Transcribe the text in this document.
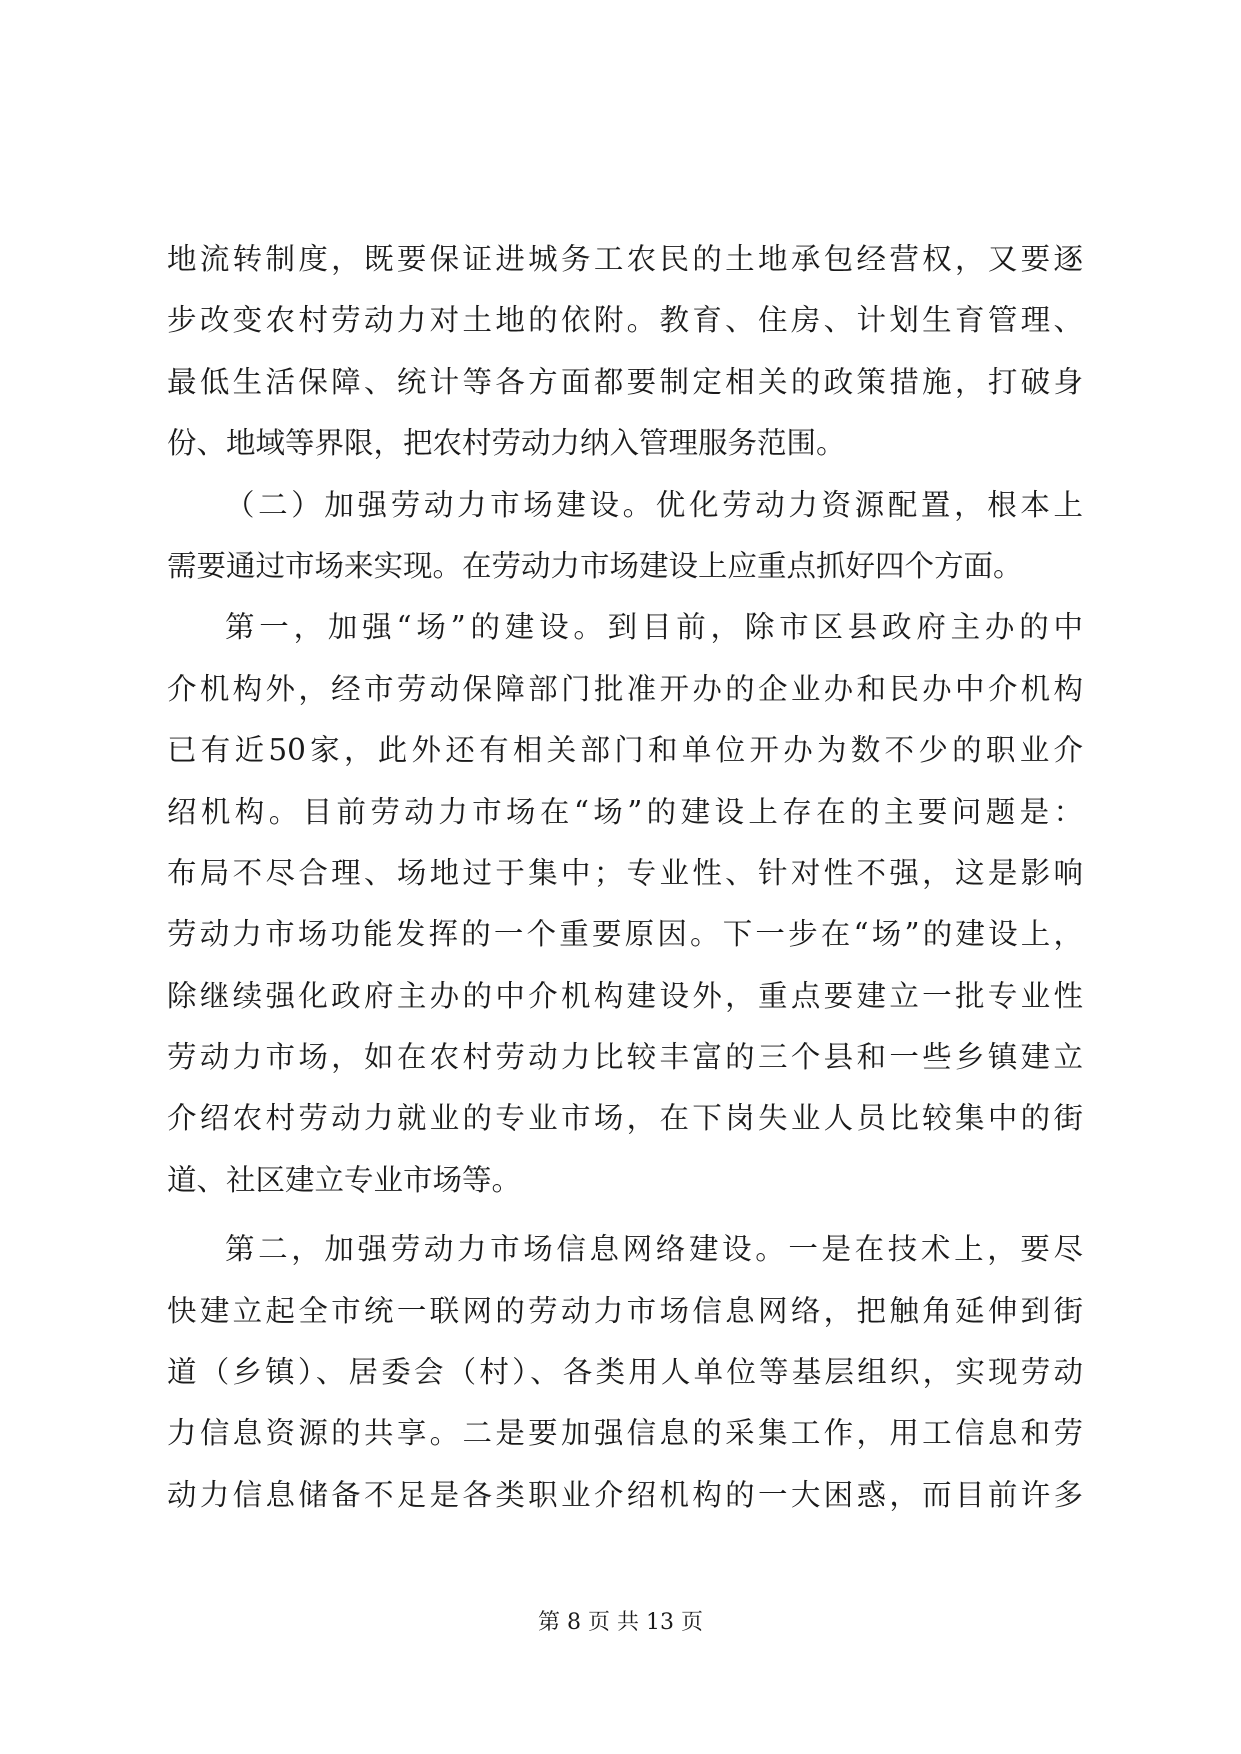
地流转制度，既要保证进城务工农民的土地承包经营权，又要逐
步改变农村劳动力对土地的依附。教育、住房、计划生育管理、
最低生活保障、统计等各方面都要制定相关的政策措施，打破身
份、地域等界限，把农村劳动力纳入管理服务范围。
（二）加强劳动力市场建设。优化劳动力资源配置，根本上
需要通过市场来实现。在劳动力市场建设上应重点抓好四个方面。
第一，加强“场”的建设。到目前，除市区县政府主办的中
介机构外，经市劳动保障部门批准开办的企业办和民办中介机构
已有近50家，此外还有相关部门和单位开办为数不少的职业介
绍机构。目前劳动力市场在“场”的建设上存在的主要问题是：
布局不尽合理、场地过于集中；专业性、针对性不强，这是影响
劳动力市场功能发挥的一个重要原因。下一步在“场”的建设上，
除继续强化政府主办的中介机构建设外，重点要建立一批专业性
劳动力市场，如在农村劳动力比较丰富的三个县和一些乡镇建立
介绍农村劳动力就业的专业市场，在下岗失业人员比较集中的街
道、社区建立专业市场等。
第二，加强劳动力市场信息网络建设。一是在技术上，要尽
快建立起全市统一联网的劳动力市场信息网络，把触角延伸到街
道（乡镇）、居委会（村）、各类用人单位等基层组织，实现劳动
力信息资源的共享。二是要加强信息的采集工作，用工信息和劳
动力信息储备不足是各类职业介绍机构的一大困惑，而目前许多
第 8 页 共 13 页
